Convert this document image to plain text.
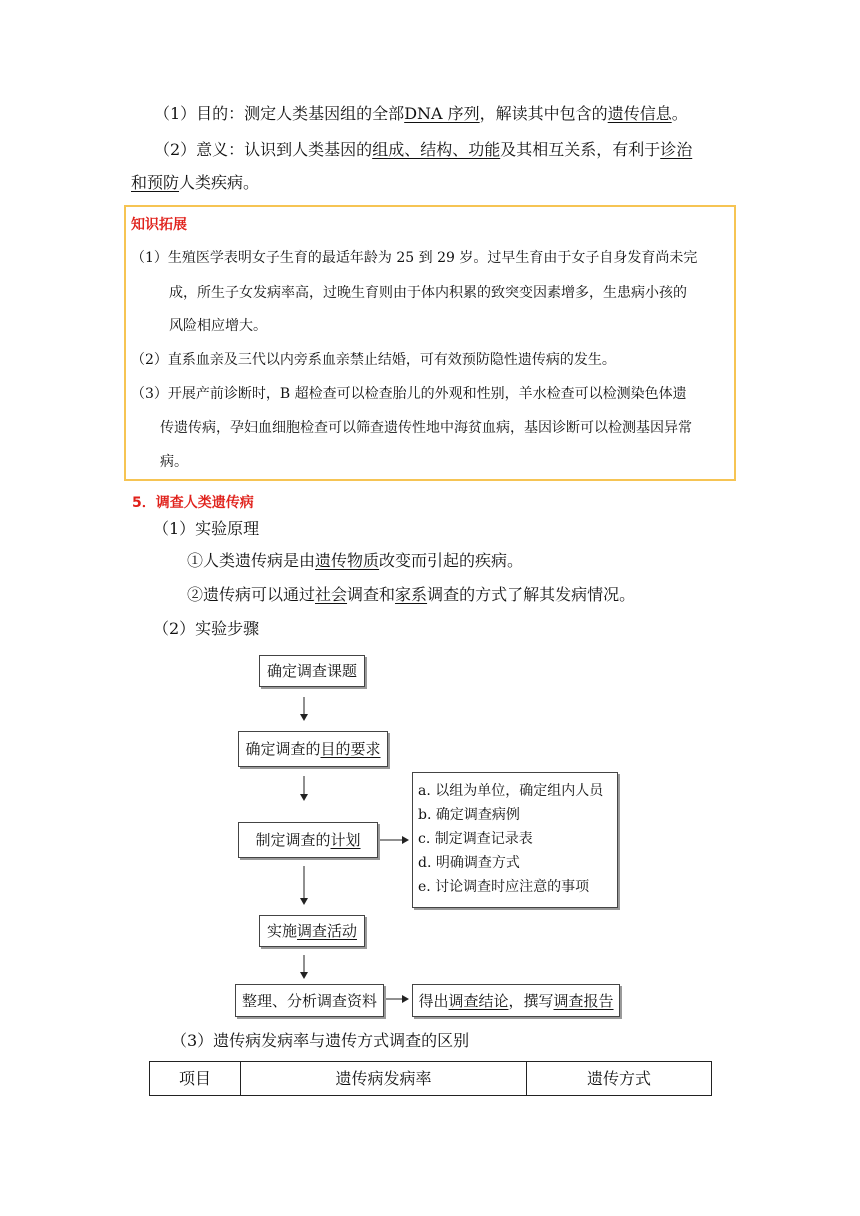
（1）目的：测定人类基因组的全部DNA 序列，解读其中包含的遗传信息。
（2）意义：认识到人类基因的组成、结构、功能及其相互关系，有利于诊治
和预防人类疾病。
知识拓展
（1）生殖医学表明女子生育的最适年龄为 25 到 29 岁。过早生育由于女子自身发育尚未完
成，所生子女发病率高，过晚生育则由于体内积累的致突变因素增多，生患病小孩的
风险相应增大。
（2）直系血亲及三代以内旁系血亲禁止结婚，可有效预防隐性遗传病的发生。
（3）开展产前诊断时，B 超检查可以检查胎儿的外观和性别，羊水检查可以检测染色体遗
传遗传病，孕妇血细胞检查可以筛查遗传性地中海贫血病，基因诊断可以检测基因异常
病。
5．调查人类遗传病
（1）实验原理
①人类遗传病是由遗传物质改变而引起的疾病。
②遗传病可以通过社会调查和家系调查的方式了解其发病情况。
（2）实验步骤
确定调查课题
确定调查的 目的要求
制定调查的 计划
a. 以组为单位，确定组内人员
b. 确定调查病例
c. 制定调查记录表
d. 明确调查方式
e. 讨论调查时应注意的事项
实施 调查活动
整理、分析调查资料	得出 调查结论 ，撰写 调查报告
（3）遗传病发病率与遗传方式调查的区别
项目	遗传病发病率	遗传方式
